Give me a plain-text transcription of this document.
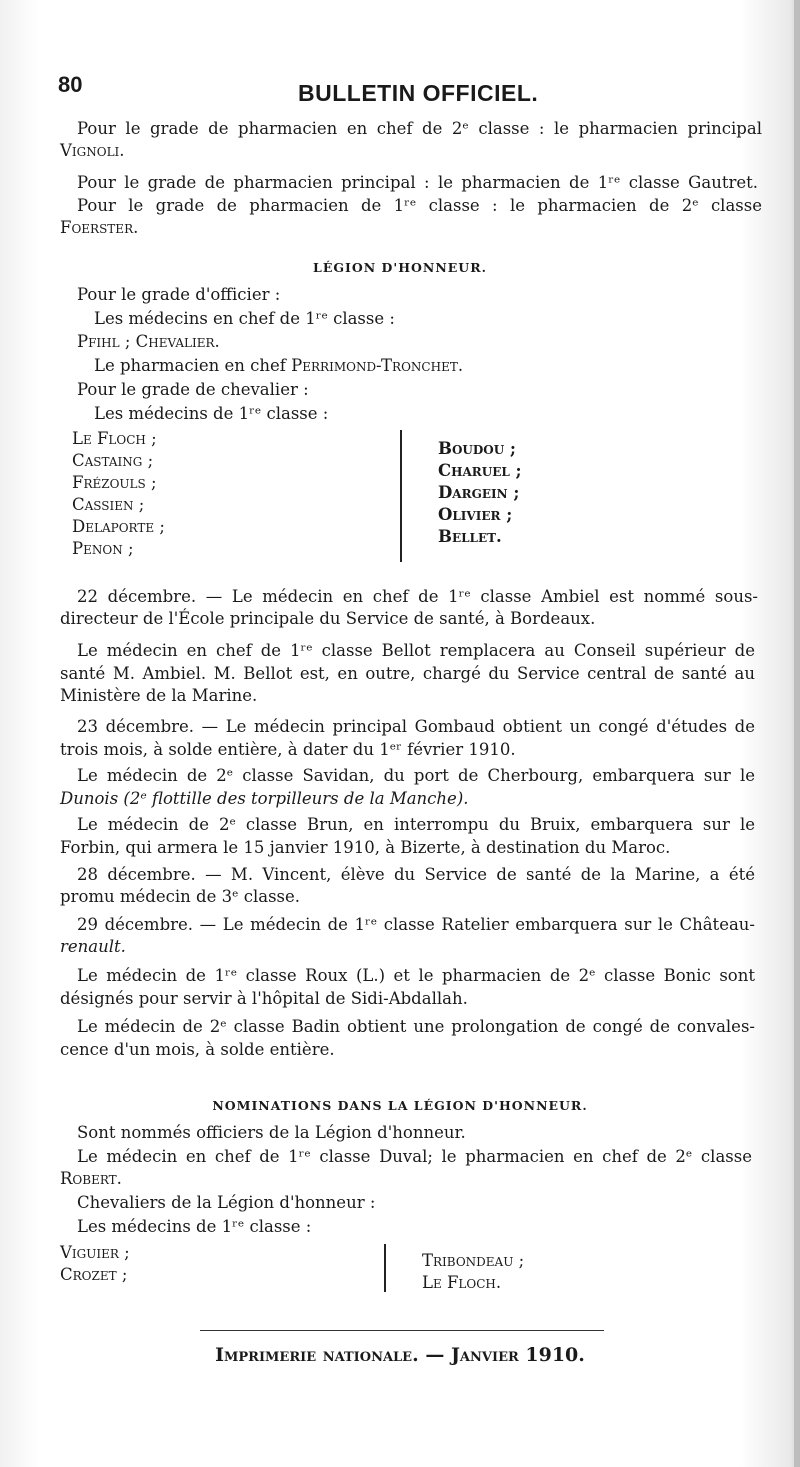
80	BULLETIN OFFICIEL.
Pour le grade de pharmacien en chef de 2ᵉ classe : le pharmacien principal
Vignoli.
Pour le grade de pharmacien principal : le pharmacien de 1ʳᵉ classe Gautret.
Pour le grade de pharmacien de 1ʳᵉ classe : le pharmacien de 2ᵉ classe
Foerster.
LÉGION D'HONNEUR.
Pour le grade d'officier :
Les médecins en chef de 1ʳᵉ classe :
Pfihl ; Chevalier.
Le pharmacien en chef Perrimond-Tronchet.
Pour le grade de chevalier :
Les médecins de 1ʳᵉ classe :
Le Floch ;
Castaing ;
Frézouls ;
Cassien ;
Delaporte ;
Penon ;
Boudou ;
Charuel ;
Dargein ;
Olivier ;
Bellet.
22 décembre. — Le médecin en chef de 1ʳᵉ classe Ambiel est nommé sous-
directeur de l'École principale du Service de santé, à Bordeaux.
Le médecin en chef de 1ʳᵉ classe Bellot remplacera au Conseil supérieur de
santé M. Ambiel. M. Bellot est, en outre, chargé du Service central de santé au
Ministère de la Marine.
23 décembre. — Le médecin principal Gombaud obtient un congé d'études de
trois mois, à solde entière, à dater du 1ᵉʳ février 1910.
Le médecin de 2ᵉ classe Savidan, du port de Cherbourg, embarquera sur le
Dunois (2ᵉ flottille des torpilleurs de la Manche).
Le médecin de 2ᵉ classe Brun, en interrompu du Bruix, embarquera sur le
Forbin, qui armera le 15 janvier 1910, à Bizerte, à destination du Maroc.
28 décembre. — M. Vincent, élève du Service de santé de la Marine, a été
promu médecin de 3ᵉ classe.
29 décembre. — Le médecin de 1ʳᵉ classe Ratelier embarquera sur le Château-
renault.
Le médecin de 1ʳᵉ classe Roux (L.) et le pharmacien de 2ᵉ classe Bonic sont
désignés pour servir à l'hôpital de Sidi-Abdallah.
Le médecin de 2ᵉ classe Badin obtient une prolongation de congé de convales-
cence d'un mois, à solde entière.
NOMINATIONS DANS LA LÉGION D'HONNEUR.
Sont nommés officiers de la Légion d'honneur.
Le médecin en chef de 1ʳᵉ classe Duval; le pharmacien en chef de 2ᵉ classe
Robert.
Chevaliers de la Légion d'honneur :
Les médecins de 1ʳᵉ classe :
Viguier ;
Crozet ;
Tribondeau ;
Le Floch.
Imprimerie nationale. — Janvier 1910.
